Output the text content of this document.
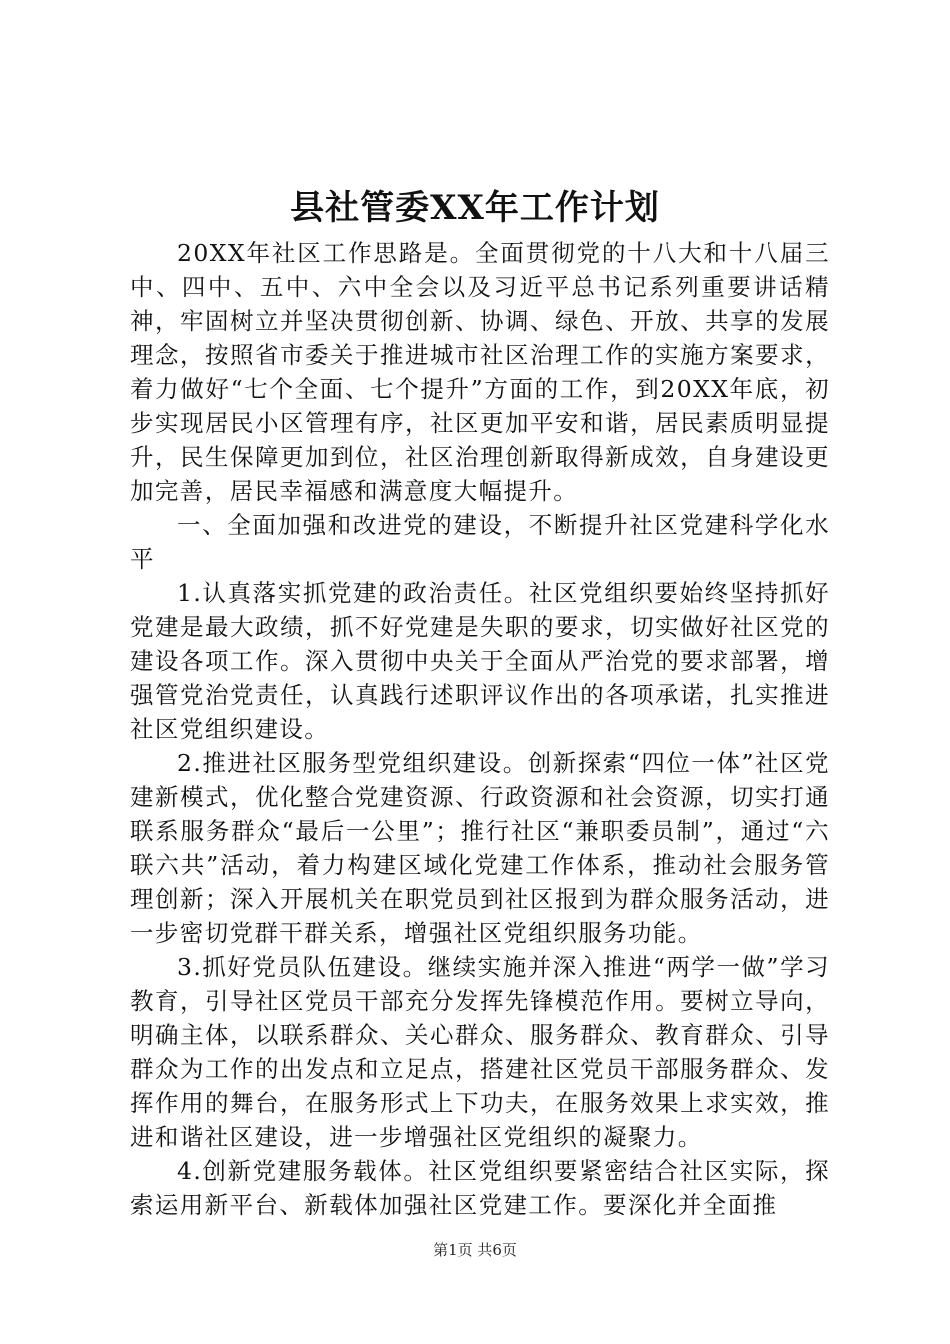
县社管委XX年工作计划

20XX年社区工作思路是。全面贯彻党的十八大和十八届三中、四中、五中、六中全会以及习近平总书记系列重要讲话精神，牢固树立并坚决贯彻创新、协调、绿色、开放、共享的发展理念，按照省市委关于推进城市社区治理工作的实施方案要求，着力做好“七个全面、七个提升”方面的工作，到20XX年底，初步实现居民小区管理有序，社区更加平安和谐，居民素质明显提升，民生保障更加到位，社区治理创新取得新成效，自身建设更加完善，居民幸福感和满意度大幅提升。

一、全面加强和改进党的建设，不断提升社区党建科学化水平

1.认真落实抓党建的政治责任。社区党组织要始终坚持抓好党建是最大政绩，抓不好党建是失职的要求，切实做好社区党的建设各项工作。深入贯彻中央关于全面从严治党的要求部署，增强管党治党责任，认真践行述职评议作出的各项承诺，扎实推进社区党组织建设。

2.推进社区服务型党组织建设。创新探索“四位一体”社区党建新模式，优化整合党建资源、行政资源和社会资源，切实打通联系服务群众“最后一公里”；推行社区“兼职委员制”，通过“六联六共”活动，着力构建区域化党建工作体系，推动社会服务管理创新；深入开展机关在职党员到社区报到为群众服务活动，进一步密切党群干群关系，增强社区党组织服务功能。

3.抓好党员队伍建设。继续实施并深入推进“两学一做”学习教育，引导社区党员干部充分发挥先锋模范作用。要树立导向，明确主体，以联系群众、关心群众、服务群众、教育群众、引导群众为工作的出发点和立足点，搭建社区党员干部服务群众、发挥作用的舞台，在服务形式上下功夫，在服务效果上求实效，推进和谐社区建设，进一步增强社区党组织的凝聚力。

4.创新党建服务载体。社区党组织要紧密结合社区实际，探索运用新平台、新载体加强社区党建工作。要深化并全面推

第1页 共6页
